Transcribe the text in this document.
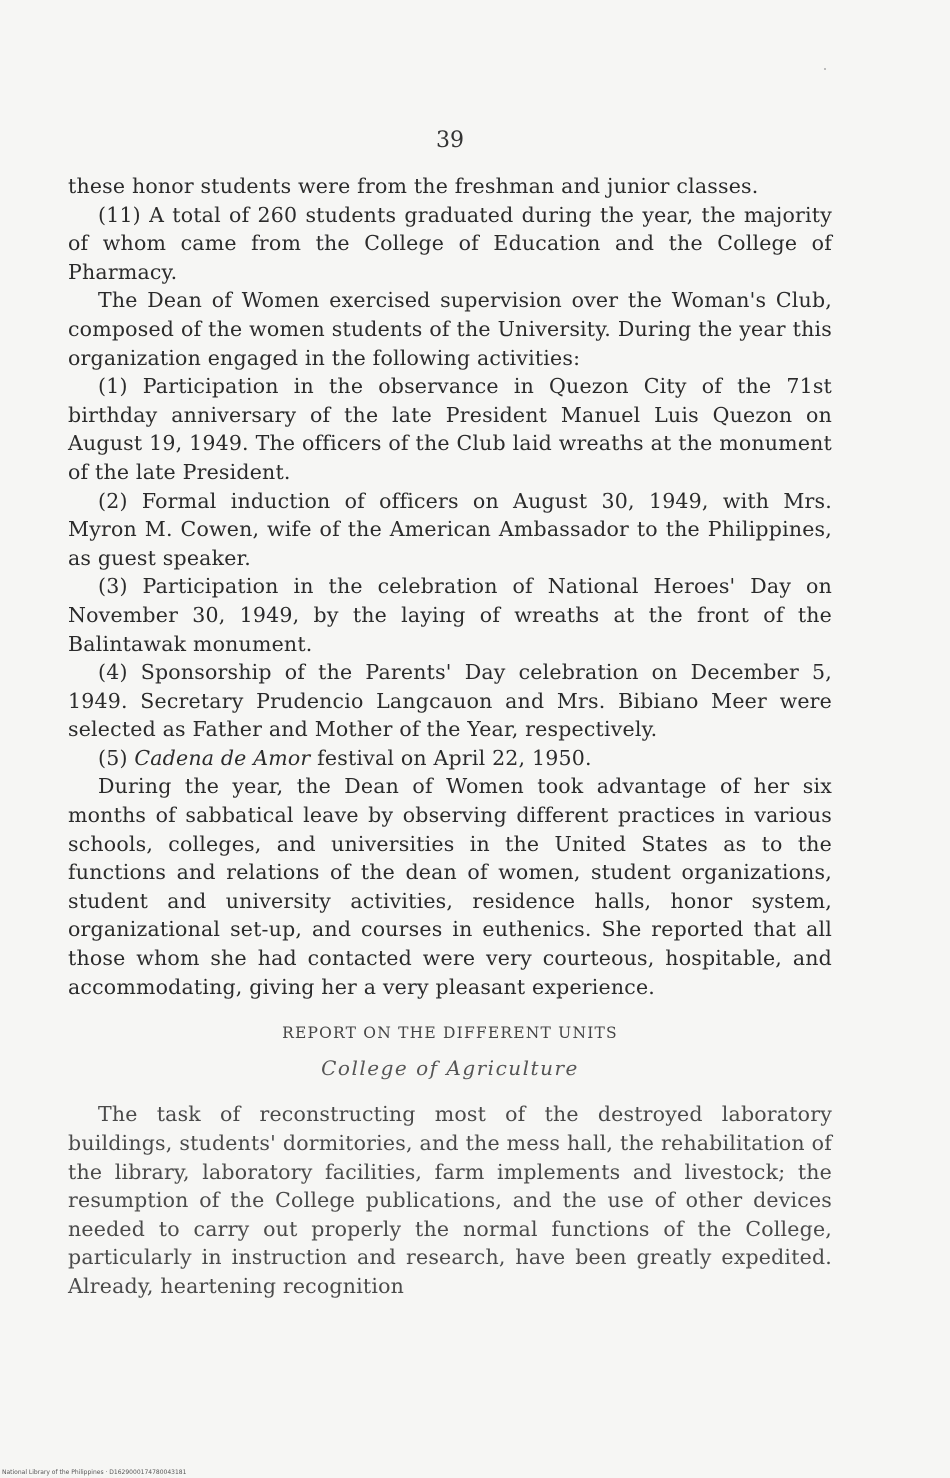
39

these honor students were from the freshman and junior classes.

(11) A total of 260 students graduated during the year, the majority of whom came from the College of Education and the College of Pharmacy.

The Dean of Women exercised supervision over the Woman's Club, composed of the women students of the University. During the year this organization engaged in the following activities:

(1) Participation in the observance in Quezon City of the 71st birthday anniversary of the late President Manuel Luis Quezon on August 19, 1949. The officers of the Club laid wreaths at the monument of the late President.

(2) Formal induction of officers on August 30, 1949, with Mrs. Myron M. Cowen, wife of the American Ambassador to the Philippines, as guest speaker.

(3) Participation in the celebration of National Heroes' Day on November 30, 1949, by the laying of wreaths at the front of the Balintawak monument.

(4) Sponsorship of the Parents' Day celebration on December 5, 1949. Secretary Prudencio Langcauon and Mrs. Bibiano Meer were selected as Father and Mother of the Year, respectively.

(5) Cadena de Amor festival on April 22, 1950.

During the year, the Dean of Women took advantage of her six months of sabbatical leave by observing different practices in various schools, colleges, and universities in the United States as to the functions and relations of the dean of women, student organizations, student and university activities, residence halls, honor system, organizational set-up, and courses in euthenics. She reported that all those whom she had contacted were very courteous, hospitable, and accommodating, giving her a very pleasant experience.

REPORT ON THE DIFFERENT UNITS

College of Agriculture

The task of reconstructing most of the destroyed laboratory buildings, students' dormitories, and the mess hall, the rehabilitation of the library, laboratory facilities, farm implements and livestock; the resumption of the College publications, and the use of other devices needed to carry out properly the normal functions of the College, particularly in instruction and research, have been greatly expedited. Already, heartening recognition

National Library of the Philippines · D1629000174780043181
